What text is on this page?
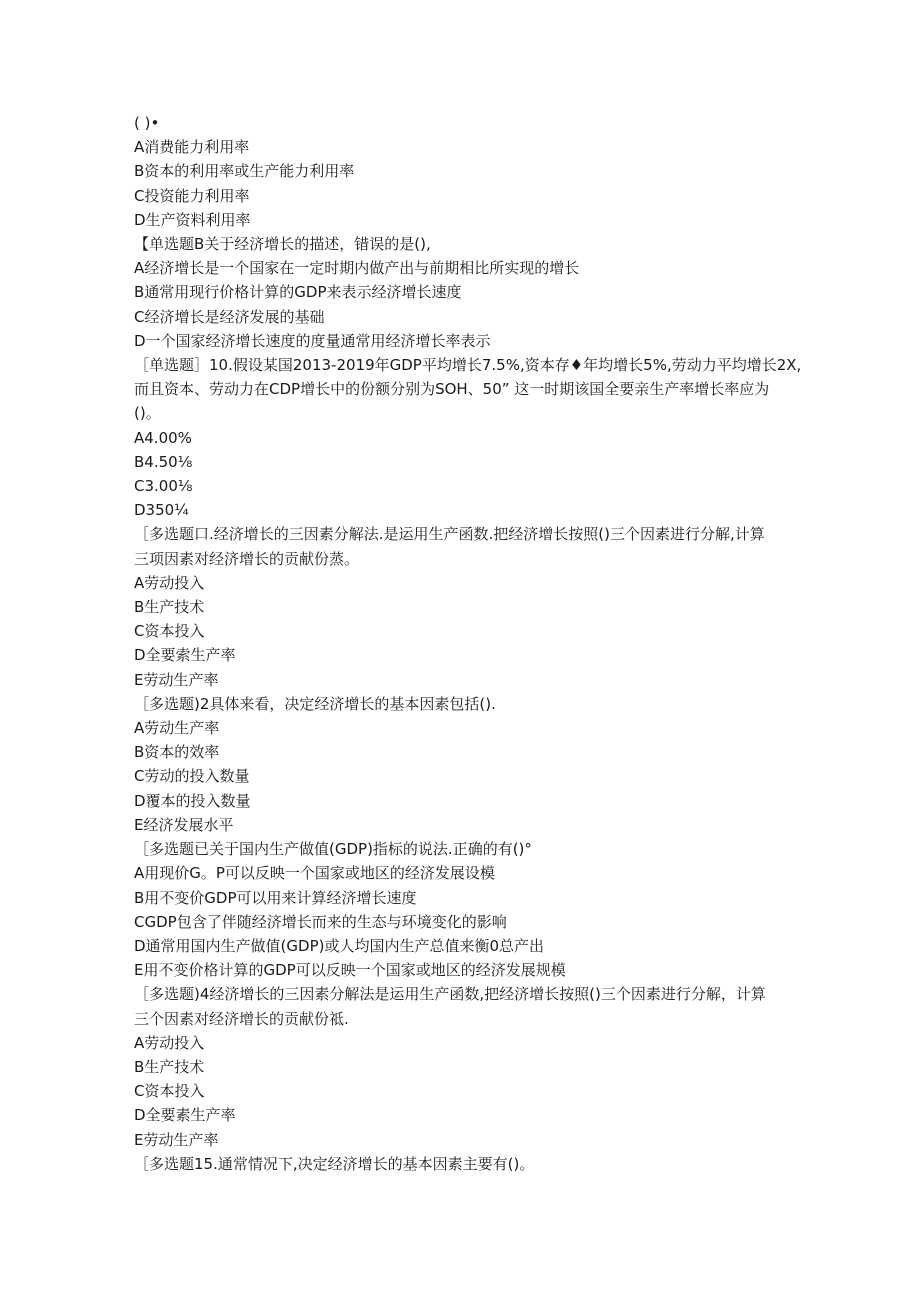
( )•
A消费能力利用率
B资本的利用率或生产能力利用率
C投资能力利用率
D生产资料利用率
【单选题B关于经济增长的描述，错误的是(),
A经济增长是一个国家在一定时期内做产出与前期相比所实现的增长
B通常用现行价格计算的GDP来表示经济增长速度
C经济增长是经济发展的基础
D一个国家经济增长速度的度量通常用经济增长率表示
［单选题］10.假设某国2013-2019年GDP平均增长7.5%,资本存♦年均增长5%,劳动力平均增长2X,
而且资本、劳动力在CDP增长中的份额分别为SOH、50” 这一时期该国全要亲生产率增长率应为
()。
A4.00%
B4.50⅛
C3.00⅛
D350¼
［多选题口.经济增长的三因素分解法.是运用生产函数.把经济增长按照()三个因素进行分解,计算
三项因素对经济增长的贡献份蒸。
A劳动投入
B生产技术
C资本投入
D全要索生产率
E劳动生产率
［多选题)2具体来看，决定经济增长的基本因素包括().
A劳动生产率
B资本的效率
C劳动的投入数量
D覆本的投入数量
E经济发展水平
［多选题已关于国内生产做值(GDP)指标的说法.正确的有()°
A用现价G。P可以反映一个国家或地区的经济发展设模
B用不变价GDP可以用来计算经济增长速度
CGDP包含了伴随经济增长而来的生态与环境变化的影响
D通常用国内生产做值(GDP)或人均国内生产总值来衡0总产出
E用不变价格计算的GDP可以反映一个国家或地区的经济发展规模
［多选题)4经济增长的三因素分解法是运用生产函数,把经济增长按照()三个因素进行分解，计算
三个因素对经济增长的贡献份祗.
A劳动投入
B生产技术
C资本投入
D全要素生产率
E劳动生产率
［多选题15.通常情况下,决定经济增长的基本因素主要有()。
